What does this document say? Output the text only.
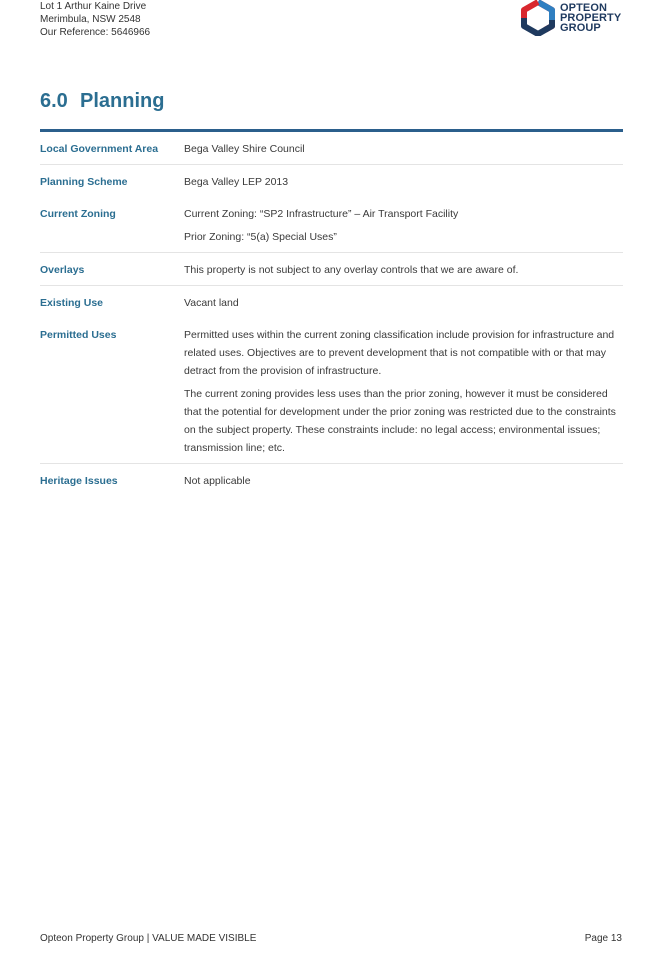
Lot 1 Arthur Kaine Drive
Merimbula, NSW 2548
Our Reference: 5646966
OPTEON
PROPERTY
GROUP
6.0 Planning
Local Government Area	Bega Valley Shire Council

Planning Scheme	Bega Valley LEP 2013

Current Zoning	Current Zoning: “SP2 Infrastructure” – Air Transport Facility

Prior Zoning: “5(a) Special Uses”

Overlays	This property is not subject to any overlay controls that we are aware of.

Existing Use	Vacant land

Permitted Uses	Permitted uses within the current zoning classification include provision for infrastructure and related uses. Objectives are to prevent development that is not compatible with or that may detract from the provision of infrastructure.

The current zoning provides less uses than the prior zoning, however it must be considered that the potential for development under the prior zoning was restricted due to the constraints on the subject property. These constraints include: no legal access; environmental issues; transmission line; etc.

Heritage Issues	Not applicable

Opteon Property Group | VALUE MADE VISIBLE	Page 13
